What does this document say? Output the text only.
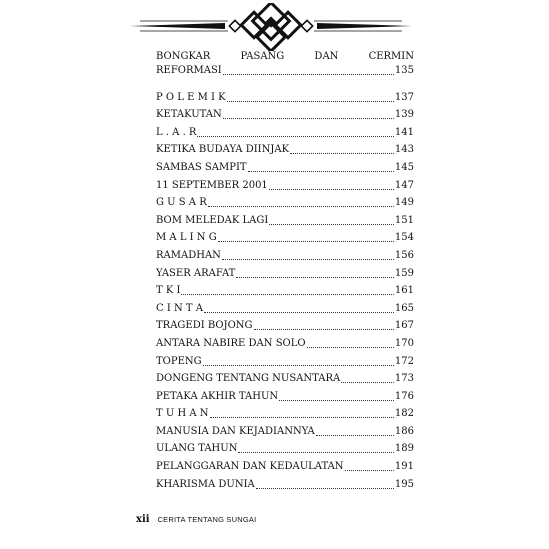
BONGKAR	PASANG	DAN	CERMIN
REFORMASI	135
P O L E M I K	137
KETAKUTAN	139
L . A . R	141
KETIKA BUDAYA DIINJAK	143
SAMBAS SAMPIT	145
11 SEPTEMBER 2001	147
G U S A R	149
BOM MELEDAK LAGI	151
M A L I N G	154
RAMADHAN	156
YASER ARAFAT	159
T K I	161
C I N T A	165
TRAGEDI BOJONG	167
ANTARA NABIRE DAN SOLO	170
TOPENG	172
DONGENG TENTANG NUSANTARA	173
PETAKA AKHIR TAHUN	176
T U H A N	182
MANUSIA DAN KEJADIANNYA	186
ULANG TAHUN	189
PELANGGARAN DAN KEDAULATAN	191
KHARISMA DUNIA	195
xii CERITA TENTANG SUNGAI
